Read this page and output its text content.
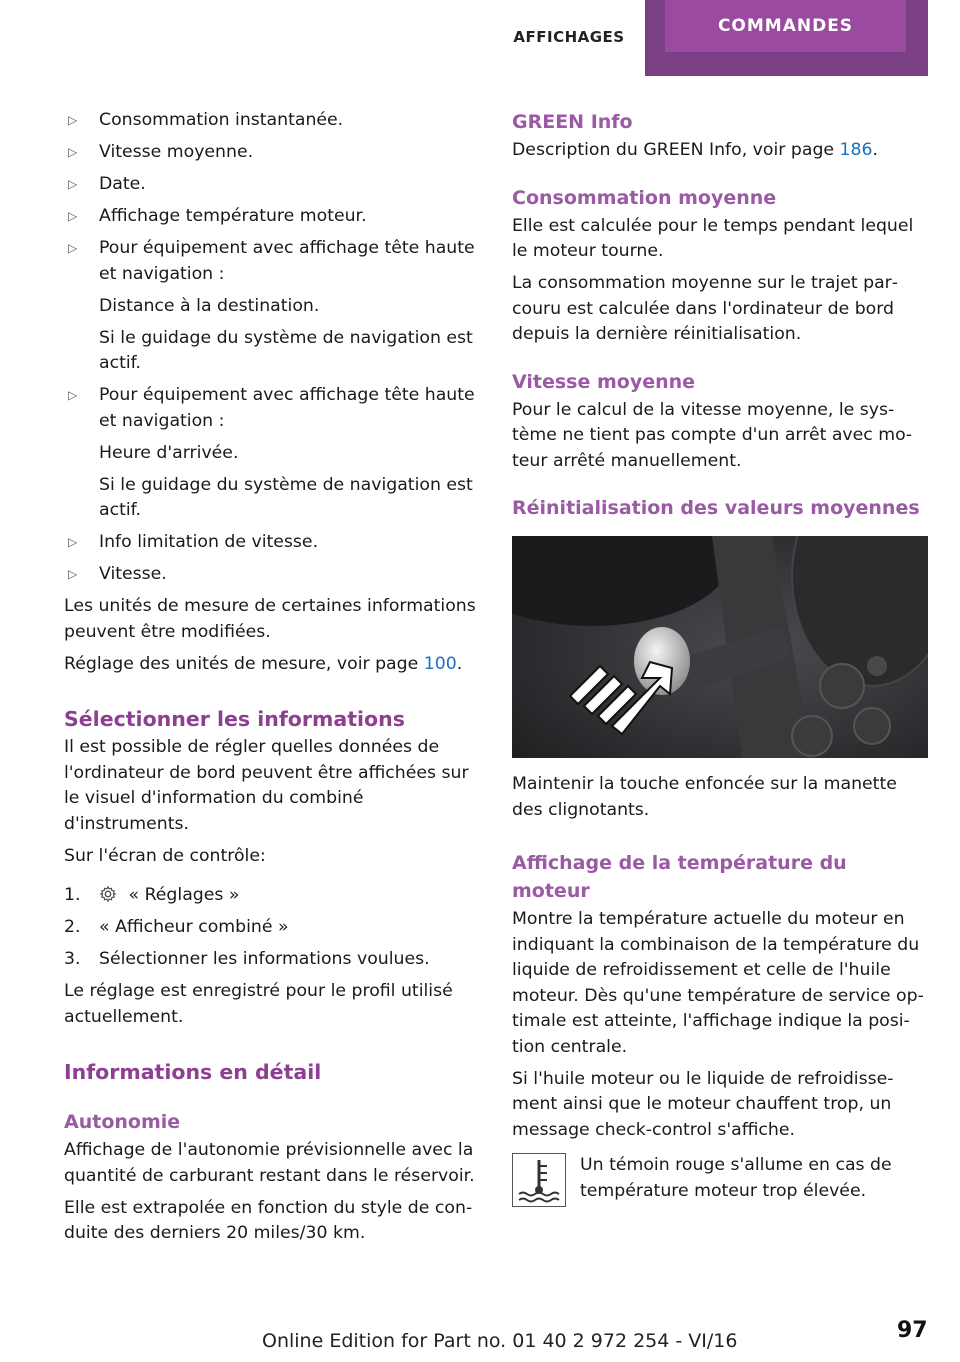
AFFICHAGES
COMMANDES
▷ Consommation instantanée.
▷ Vitesse moyenne.
▷ Date.
▷ Affichage température moteur.
▷ Pour équipement avec affichage tête haute et navigation :
Distance à la destination.
Si le guidage du système de navigation est actif.
▷ Pour équipement avec affichage tête haute et navigation :
Heure d'arrivée.
Si le guidage du système de navigation est actif.
▷ Info limitation de vitesse.
▷ Vitesse.

Les unités de mesure de certaines informations peuvent être modifiées.

Réglage des unités de mesure, voir page 100.

Sélectionner les informations

Il est possible de régler quelles données de l'ordinateur de bord peuvent être affichées sur le visuel d'information du combiné d'instruments.

Sur l'écran de contrôle:

1.	« Réglages »
2. « Afficheur combiné »
3. Sélectionner les informations voulues.

Le réglage est enregistré pour le profil utilisé actuellement.

Informations en détail
Autonomie

Affichage de l'autonomie prévisionnelle avec la quantité de carburant restant dans le réservoir.

Elle est extrapolée en fonction du style de conduite des derniers 20 miles/30 km.

GREEN Info

Description du GREEN Info, voir page 186.

Consommation moyenne

Elle est calculée pour le temps pendant lequel le moteur tourne.

La consommation moyenne sur le trajet parcouru est calculée dans l'ordinateur de bord depuis la dernière réinitialisation.

Vitesse moyenne

Pour le calcul de la vitesse moyenne, le système ne tient pas compte d'un arrêt avec moteur arrêté manuellement.

Réinitialisation des valeurs moyennes

Maintenir la touche enfoncée sur la manette des clignotants.

Affichage de la température du moteur

Montre la température actuelle du moteur en indiquant la combinaison de la température du liquide de refroidissement et celle de l'huile moteur. Dès qu'une température de service optimale est atteinte, l'affichage indique la position centrale.

Si l'huile moteur ou le liquide de refroidissement ainsi que le moteur chauffent trop, un message check-control s'affiche.

Un témoin rouge s'allume en cas de température moteur trop élevée.
Online Edition for Part no. 01 40 2 972 254 - VI/16	97
